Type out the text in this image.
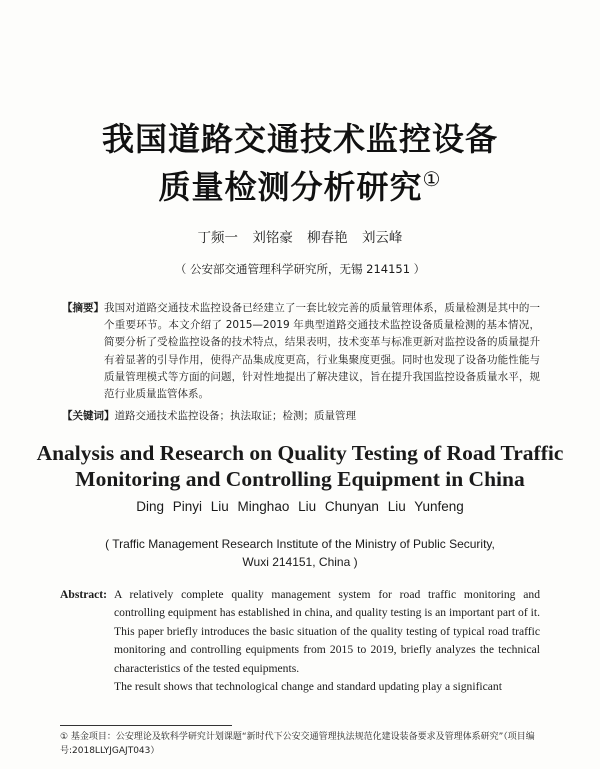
我国道路交通技术监控设备
质量检测分析研究①
丁频一 刘铭豪 柳春艳 刘云峰
（ 公安部交通管理科学研究所，无锡 214151 ）
【摘要】 我国对道路交通技术监控设备已经建立了一套比较完善的质量管理体系，质量检测是其中的一个重要环节。本文介绍了 2015—2019 年典型道路交通技术监控设备质量检测的基本情况，简要分析了受检监控设备的技术特点，结果表明，技术变革与标准更新对监控设备的质量提升有着显著的引导作用，使得产品集成度更高，行业集聚度更强。同时也发现了设备功能性能与质量管理模式等方面的问题，针对性地提出了解决建议，旨在提升我国监控设备质量水平，规范行业质量监管体系。
【关键词】道路交通技术监控设备；执法取证；检测；质量管理
Analysis and Research on Quality Testing of Road Traffic
Monitoring and Controlling Equipment in China
Ding Pinyi Liu Minghao Liu Chunyan Liu Yunfeng
( Traffic Management Research Institute of the Ministry of Public Security,
Wuxi 214151, China )
Abstract: A relatively complete quality management system for road traffic monitoring and controlling equipment has established in china, and quality testing is an important part of it. This paper briefly introduces the basic situation of the quality testing of typical road traffic monitoring and controlling equipments from 2015 to 2019, briefly analyzes the technical characteristics of the tested equipments.

The result shows that technological change and standard updating play a significant

① 基金项目：公安理论及软科学研究计划课题“新时代下公安交通管理执法规范化建设装备要求及管理体系研究”（项目编号:2018LLYJGAJT043）
